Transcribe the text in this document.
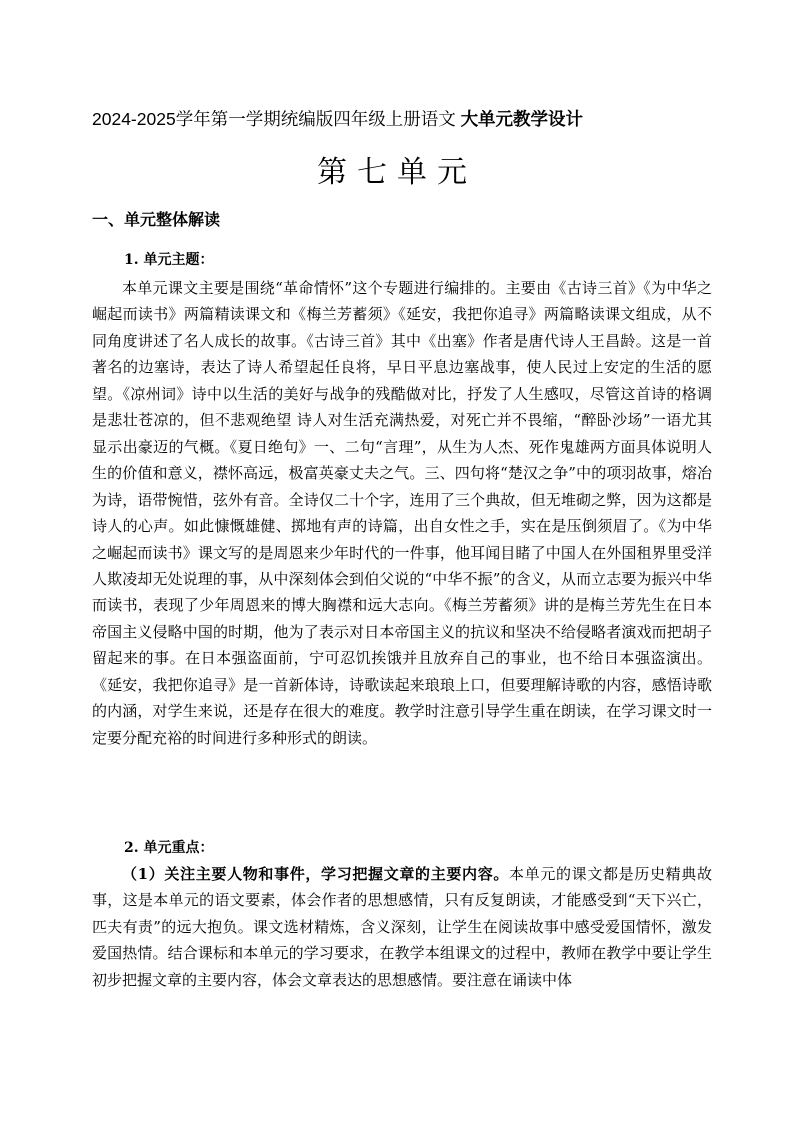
2024-2025学年第一学期统编版四年级上册语文 大单元教学设计
第七单元
一、单元整体解读
1. 单元主题：
本单元课文主要是围绕“革命情怀”这个专题进行编排的。主要由《古诗三首》《为中华之崛起而读书》两篇精读课文和《梅兰芳蓄须》《延安，我把你追寻》两篇略读课文组成，从不同角度讲述了名人成长的故事。《古诗三首》其中《出塞》作者是唐代诗人王昌龄。这是一首著名的边塞诗，表达了诗人希望起任良将，早日平息边塞战事，使人民过上安定的生活的愿望。《凉州词》诗中以生活的美好与战争的残酷做对比，抒发了人生感叹，尽管这首诗的格调是悲壮苍凉的，但不悲观绝望 诗人对生活充满热爱，对死亡并不畏缩，“醉卧沙场”一语尤其显示出豪迈的气概。《夏日绝句》一、二句“言理”，从生为人杰、死作鬼雄两方面具体说明人生的价值和意义，襟怀高远，极富英豪丈夫之气。三、四句将“楚汉之争”中的项羽故事，熔冶为诗，语带惋惜，弦外有音。全诗仅二十个字，连用了三个典故，但无堆砌之弊，因为这都是诗人的心声。如此慷慨雄健、掷地有声的诗篇，出自女性之手，实在是压倒须眉了。《为中华之崛起而读书》课文写的是周恩来少年时代的一件事，他耳闻目睹了中国人在外国租界里受洋人欺凌却无处说理的事，从中深刻体会到伯父说的“中华不振”的含义，从而立志要为振兴中华而读书，表现了少年周恩来的博大胸襟和远大志向。《梅兰芳蓄须》讲的是梅兰芳先生在日本帝国主义侵略中国的时期，他为了表示对日本帝国主义的抗议和坚决不给侵略者演戏而把胡子留起来的事。在日本强盗面前，宁可忍饥挨饿并且放弃自己的事业，也不给日本强盗演出。《延安，我把你追寻》是一首新体诗，诗歌读起来琅琅上口，但要理解诗歌的内容，感悟诗歌的内涵，对学生来说，还是存在很大的难度。教学时注意引导学生重在朗读，在学习课文时一定要分配充裕的时间进行多种形式的朗读。
2. 单元重点：
（1）关注主要人物和事件，学习把握文章的主要内容。本单元的课文都是历史精典故事，这是本单元的语文要素，体会作者的思想感情，只有反复朗读，才能感受到“天下兴亡，匹夫有责”的远大抱负。课文选材精炼，含义深刻，让学生在阅读故事中感受爱国情怀，激发爱国热情。结合课标和本单元的学习要求，在教学本组课文的过程中，教师在教学中要让学生初步把握文章的主要内容，体会文章表达的思想感情。要注意在诵读中体
